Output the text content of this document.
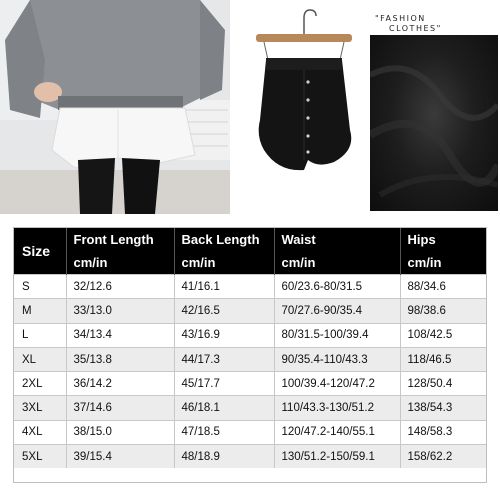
"FASHION
CLOTHES"
Size	Front Length	Back Length	Waist	Hips
	cm/in	cm/in	cm/in	cm/in
S	32/12.6	41/16.1	60/23.6-80/31.5	88/34.6
M	33/13.0	42/16.5	70/27.6-90/35.4	98/38.6
L	34/13.4	43/16.9	80/31.5-100/39.4	108/42.5
XL	35/13.8	44/17.3	90/35.4-110/43.3	118/46.5
2XL	36/14.2	45/17.7	100/39.4-120/47.2	128/50.4
3XL	37/14.6	46/18.1	110/43.3-130/51.2	138/54.3
4XL	38/15.0	47/18.5	120/47.2-140/55.1	148/58.3
5XL	39/15.4	48/18.9	130/51.2-150/59.1	158/62.2
